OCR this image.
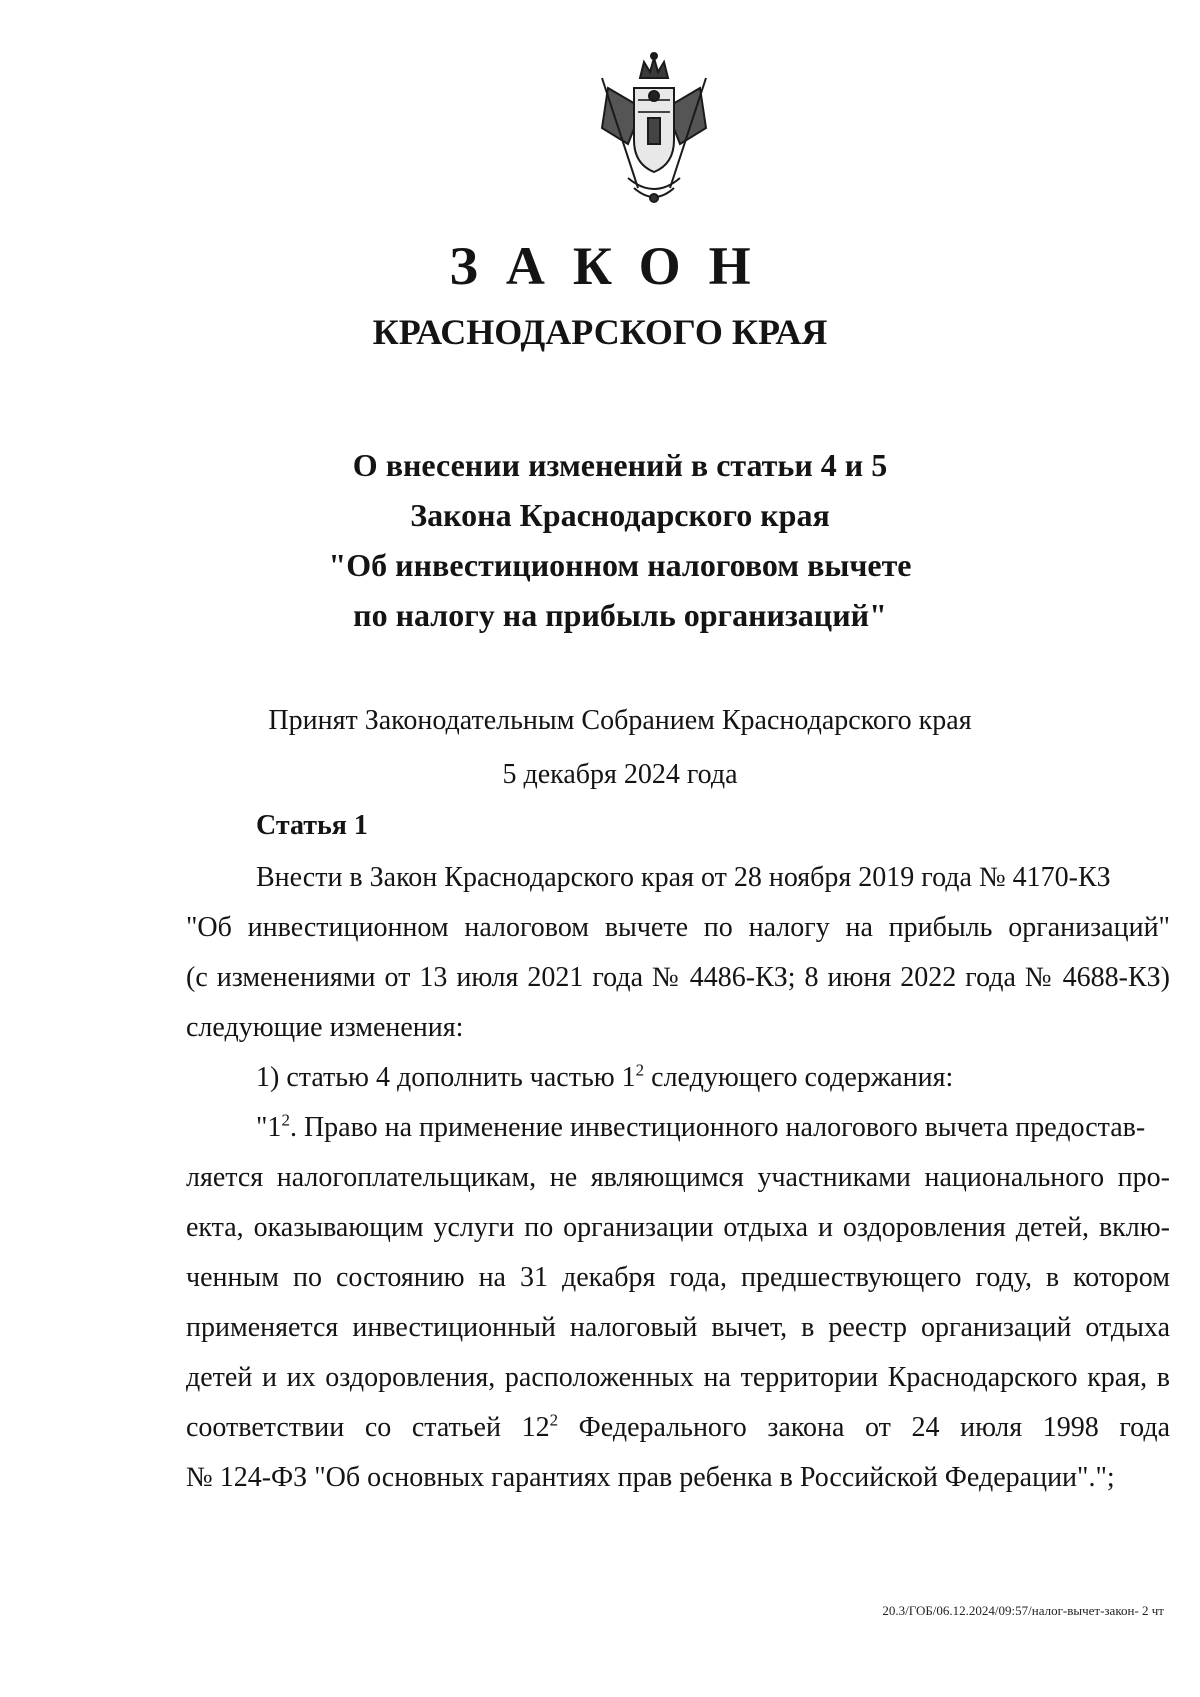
ЗАКОН
КРАСНОДАРСКОГО КРАЯ
О внесении изменений в статьи 4 и 5
Закона Краснодарского края
"Об инвестиционном налоговом вычете
по налогу на прибыль организаций"
Принят Законодательным Собранием Краснодарского края
5 декабря 2024 года
Статья 1
Внести в Закон Краснодарского края от 28 ноября 2019 года № 4170-КЗ
"Об инвестиционном налоговом вычете по налогу на прибыль организаций"
(с изменениями от 13 июля 2021 года № 4486-КЗ; 8 июня 2022 года № 4688-КЗ)
следующие изменения:
1) статью 4 дополнить частью $1^2$ следующего содержания:
"$1^2$. Право на применение инвестиционного налогового вычета предостав-
ляется налогоплательщикам, не являющимся участниками национального про-
екта, оказывающим услуги по организации отдыха и оздоровления детей, вклю-
ченным по состоянию на 31 декабря года, предшествующего году, в котором
применяется инвестиционный налоговый вычет, в реестр организаций отдыха
детей и их оздоровления, расположенных на территории Краснодарского края, в
соответствии со статьей $12^2$ Федерального закона от 24 июля 1998 года
№ 124-ФЗ "Об основных гарантиях прав ребенка в Российской Федерации".";
20.3/ГОБ/06.12.2024/09:57/налог-вычет-закон- 2 чт
